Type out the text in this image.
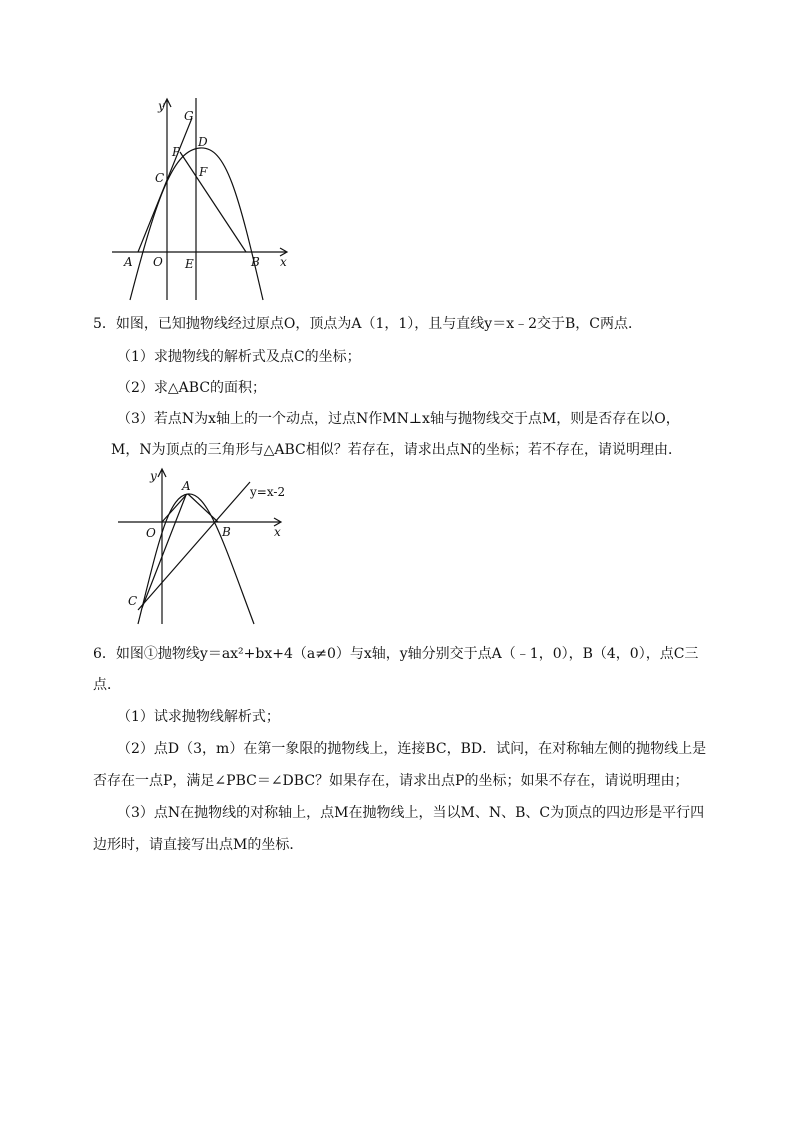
y
G
D
P
C	F
A O E	B x
5．如图，已知抛物线经过原点O，顶点为A（1，1），且与直线y＝x﹣2交于B，C两点．
（1）求抛物线的解析式及点C的坐标；
（2）求△ABC的面积；
（3）若点N为x轴上的一个动点，过点N作MN⊥x轴与抛物线交于点M，则是否存在以O，
M，N为顶点的三角形与△ABC相似？若存在，请求出点N的坐标；若不存在，请说明理由．
y
A	y=x-2
O	B	x
C
6．如图①抛物线y＝ax²+bx+4（a≠0）与x轴，y轴分别交于点A（﹣1，0），B（4，0），点C三
点．
（1）试求抛物线解析式；
（2）点D（3，m）在第一象限的抛物线上，连接BC，BD．试问，在对称轴左侧的抛物线上是
否存在一点P，满足∠PBC＝∠DBC？如果存在，请求出点P的坐标；如果不存在，请说明理由；
（3）点N在抛物线的对称轴上，点M在抛物线上，当以M、N、B、C为顶点的四边形是平行四
边形时，请直接写出点M的坐标．
